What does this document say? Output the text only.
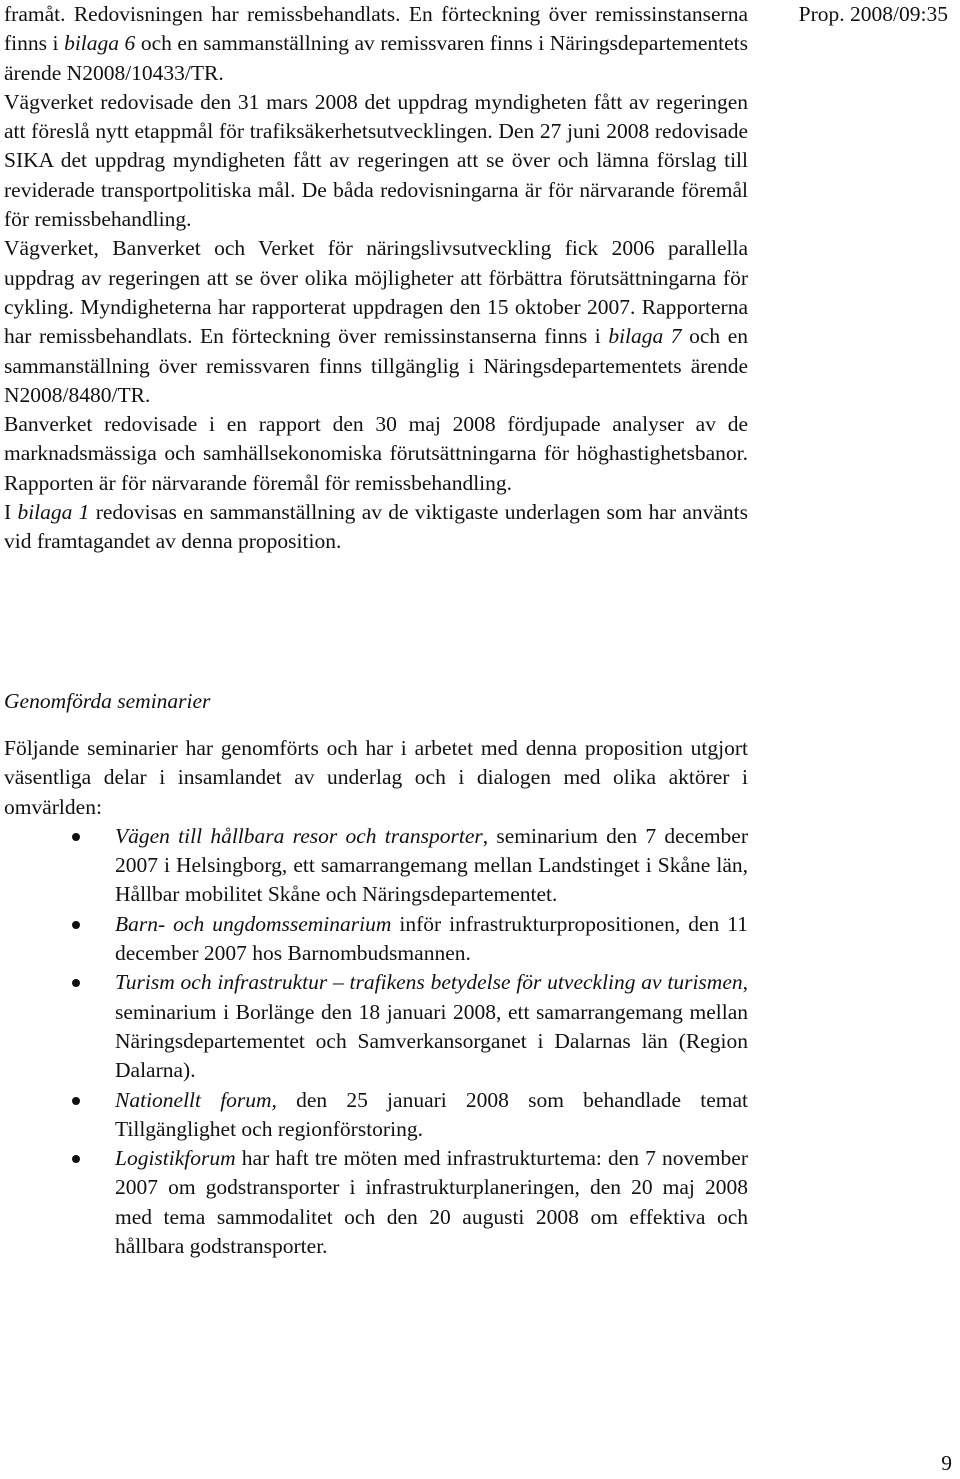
Prop. 2008/09:35

framåt. Redovisningen har remissbehandlats. En förteckning över remissinstanserna finns i bilaga 6 och en sammanställning av remissvaren finns i Näringsdepartementets ärende N2008/10433/TR.

Vägverket redovisade den 31 mars 2008 det uppdrag myndigheten fått av regeringen att föreslå nytt etappmål för trafiksäkerhetsutvecklingen. Den 27 juni 2008 redovisade SIKA det uppdrag myndigheten fått av regeringen att se över och lämna förslag till reviderade transportpolitiska mål. De båda redovisningarna är för närvarande föremål för remissbehandling.

Vägverket, Banverket och Verket för näringslivsutveckling fick 2006 parallella uppdrag av regeringen att se över olika möjligheter att förbättra förutsättningarna för cykling. Myndigheterna har rapporterat uppdragen den 15 oktober 2007. Rapporterna har remissbehandlats. En förteckning över remissinstanserna finns i bilaga 7 och en sammanställning över remissvaren finns tillgänglig i Näringsdepartementets ärende N2008/8480/TR.

Banverket redovisade i en rapport den 30 maj 2008 fördjupade analyser av de marknadsmässiga och samhällsekonomiska förutsättningarna för höghastighetsbanor. Rapporten är för närvarande föremål för remissbehandling.

I bilaga 1 redovisas en sammanställning av de viktigaste underlagen som har använts vid framtagandet av denna proposition.

Genomförda seminarier

Följande seminarier har genomförts och har i arbetet med denna proposition utgjort väsentliga delar i insamlandet av underlag och i dialogen med olika aktörer i omvärlden:

Vägen till hållbara resor och transporter, seminarium den 7 december 2007 i Helsingborg, ett samarrangemang mellan Landstinget i Skåne län, Hållbar mobilitet Skåne och Näringsdepartementet.
Barn- och ungdomsseminarium inför infrastrukturpropositionen, den 11 december 2007 hos Barnombudsmannen.
Turism och infrastruktur – trafikens betydelse för utveckling av turismen, seminarium i Borlänge den 18 januari 2008, ett samarrangemang mellan Näringsdepartementet och Samverkansorganet i Dalarnas län (Region Dalarna).
Nationellt forum, den 25 januari 2008 som behandlade temat Tillgänglighet och regionförstoring.
Logistikforum har haft tre möten med infrastrukturtema: den 7 november 2007 om godstransporter i infrastrukturplaneringen, den 20 maj 2008 med tema sammodalitet och den 20 augusti 2008 om effektiva och hållbara godstransporter.
9
